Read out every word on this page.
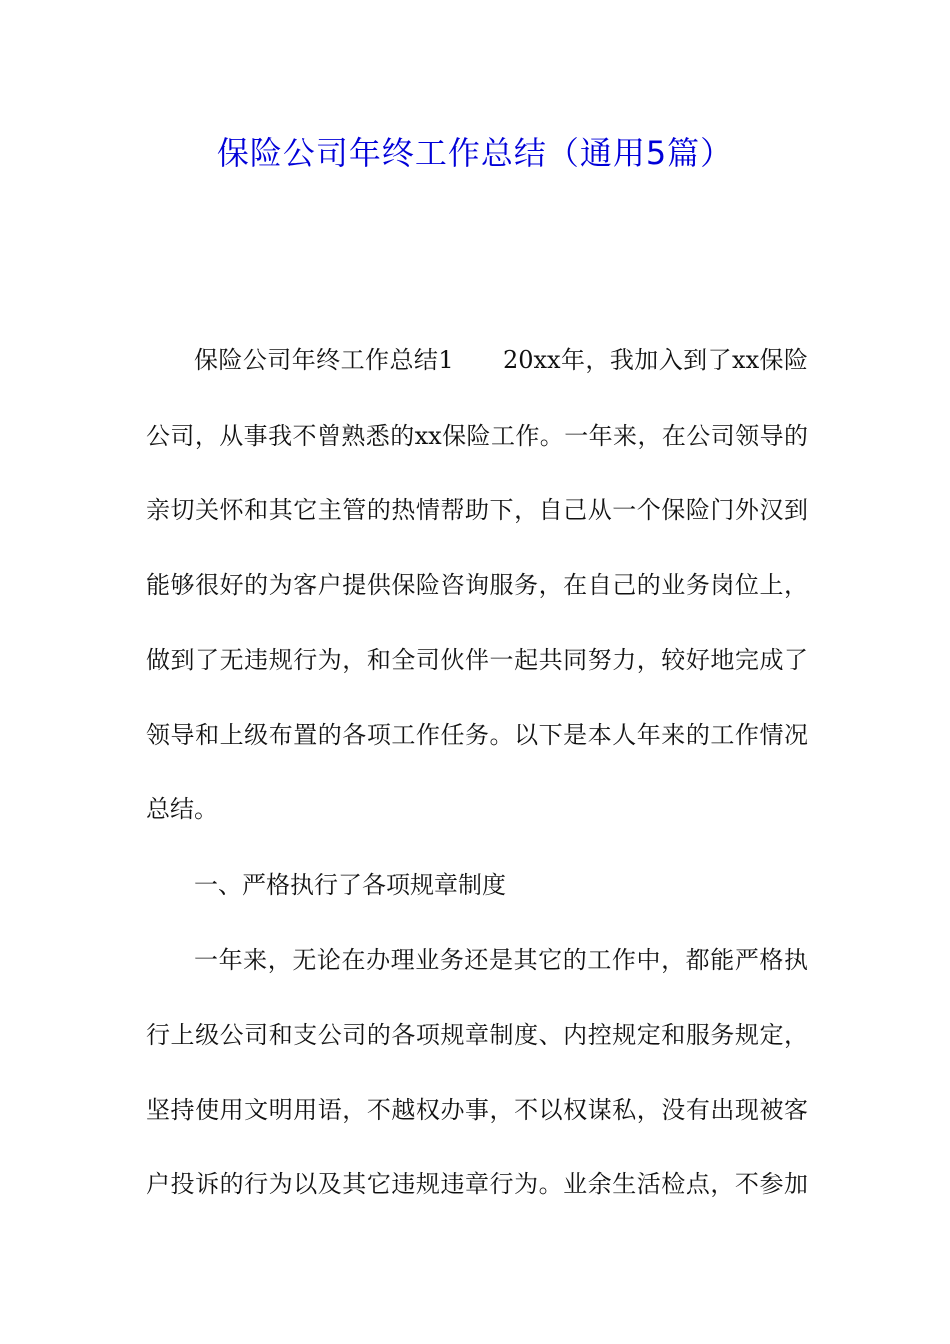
保险公司年终工作总结（通用5篇）
保险公司年终工作总结1　　20xx年，我加入到了xx保险
公司，从事我不曾熟悉的xx保险工作。一年来，在公司领导的
亲切关怀和其它主管的热情帮助下，自己从一个保险门外汉到
能够很好的为客户提供保险咨询服务，在自己的业务岗位上，
做到了无违规行为，和全司伙伴一起共同努力，较好地完成了
领导和上级布置的各项工作任务。以下是本人年来的工作情况
总结。
一、严格执行了各项规章制度
一年来，无论在办理业务还是其它的工作中，都能严格执
行上级公司和支公司的各项规章制度、内控规定和服务规定，
坚持使用文明用语，不越权办事，不以权谋私，没有出现被客
户投诉的行为以及其它违规违章行为。业余生活检点，不参加
